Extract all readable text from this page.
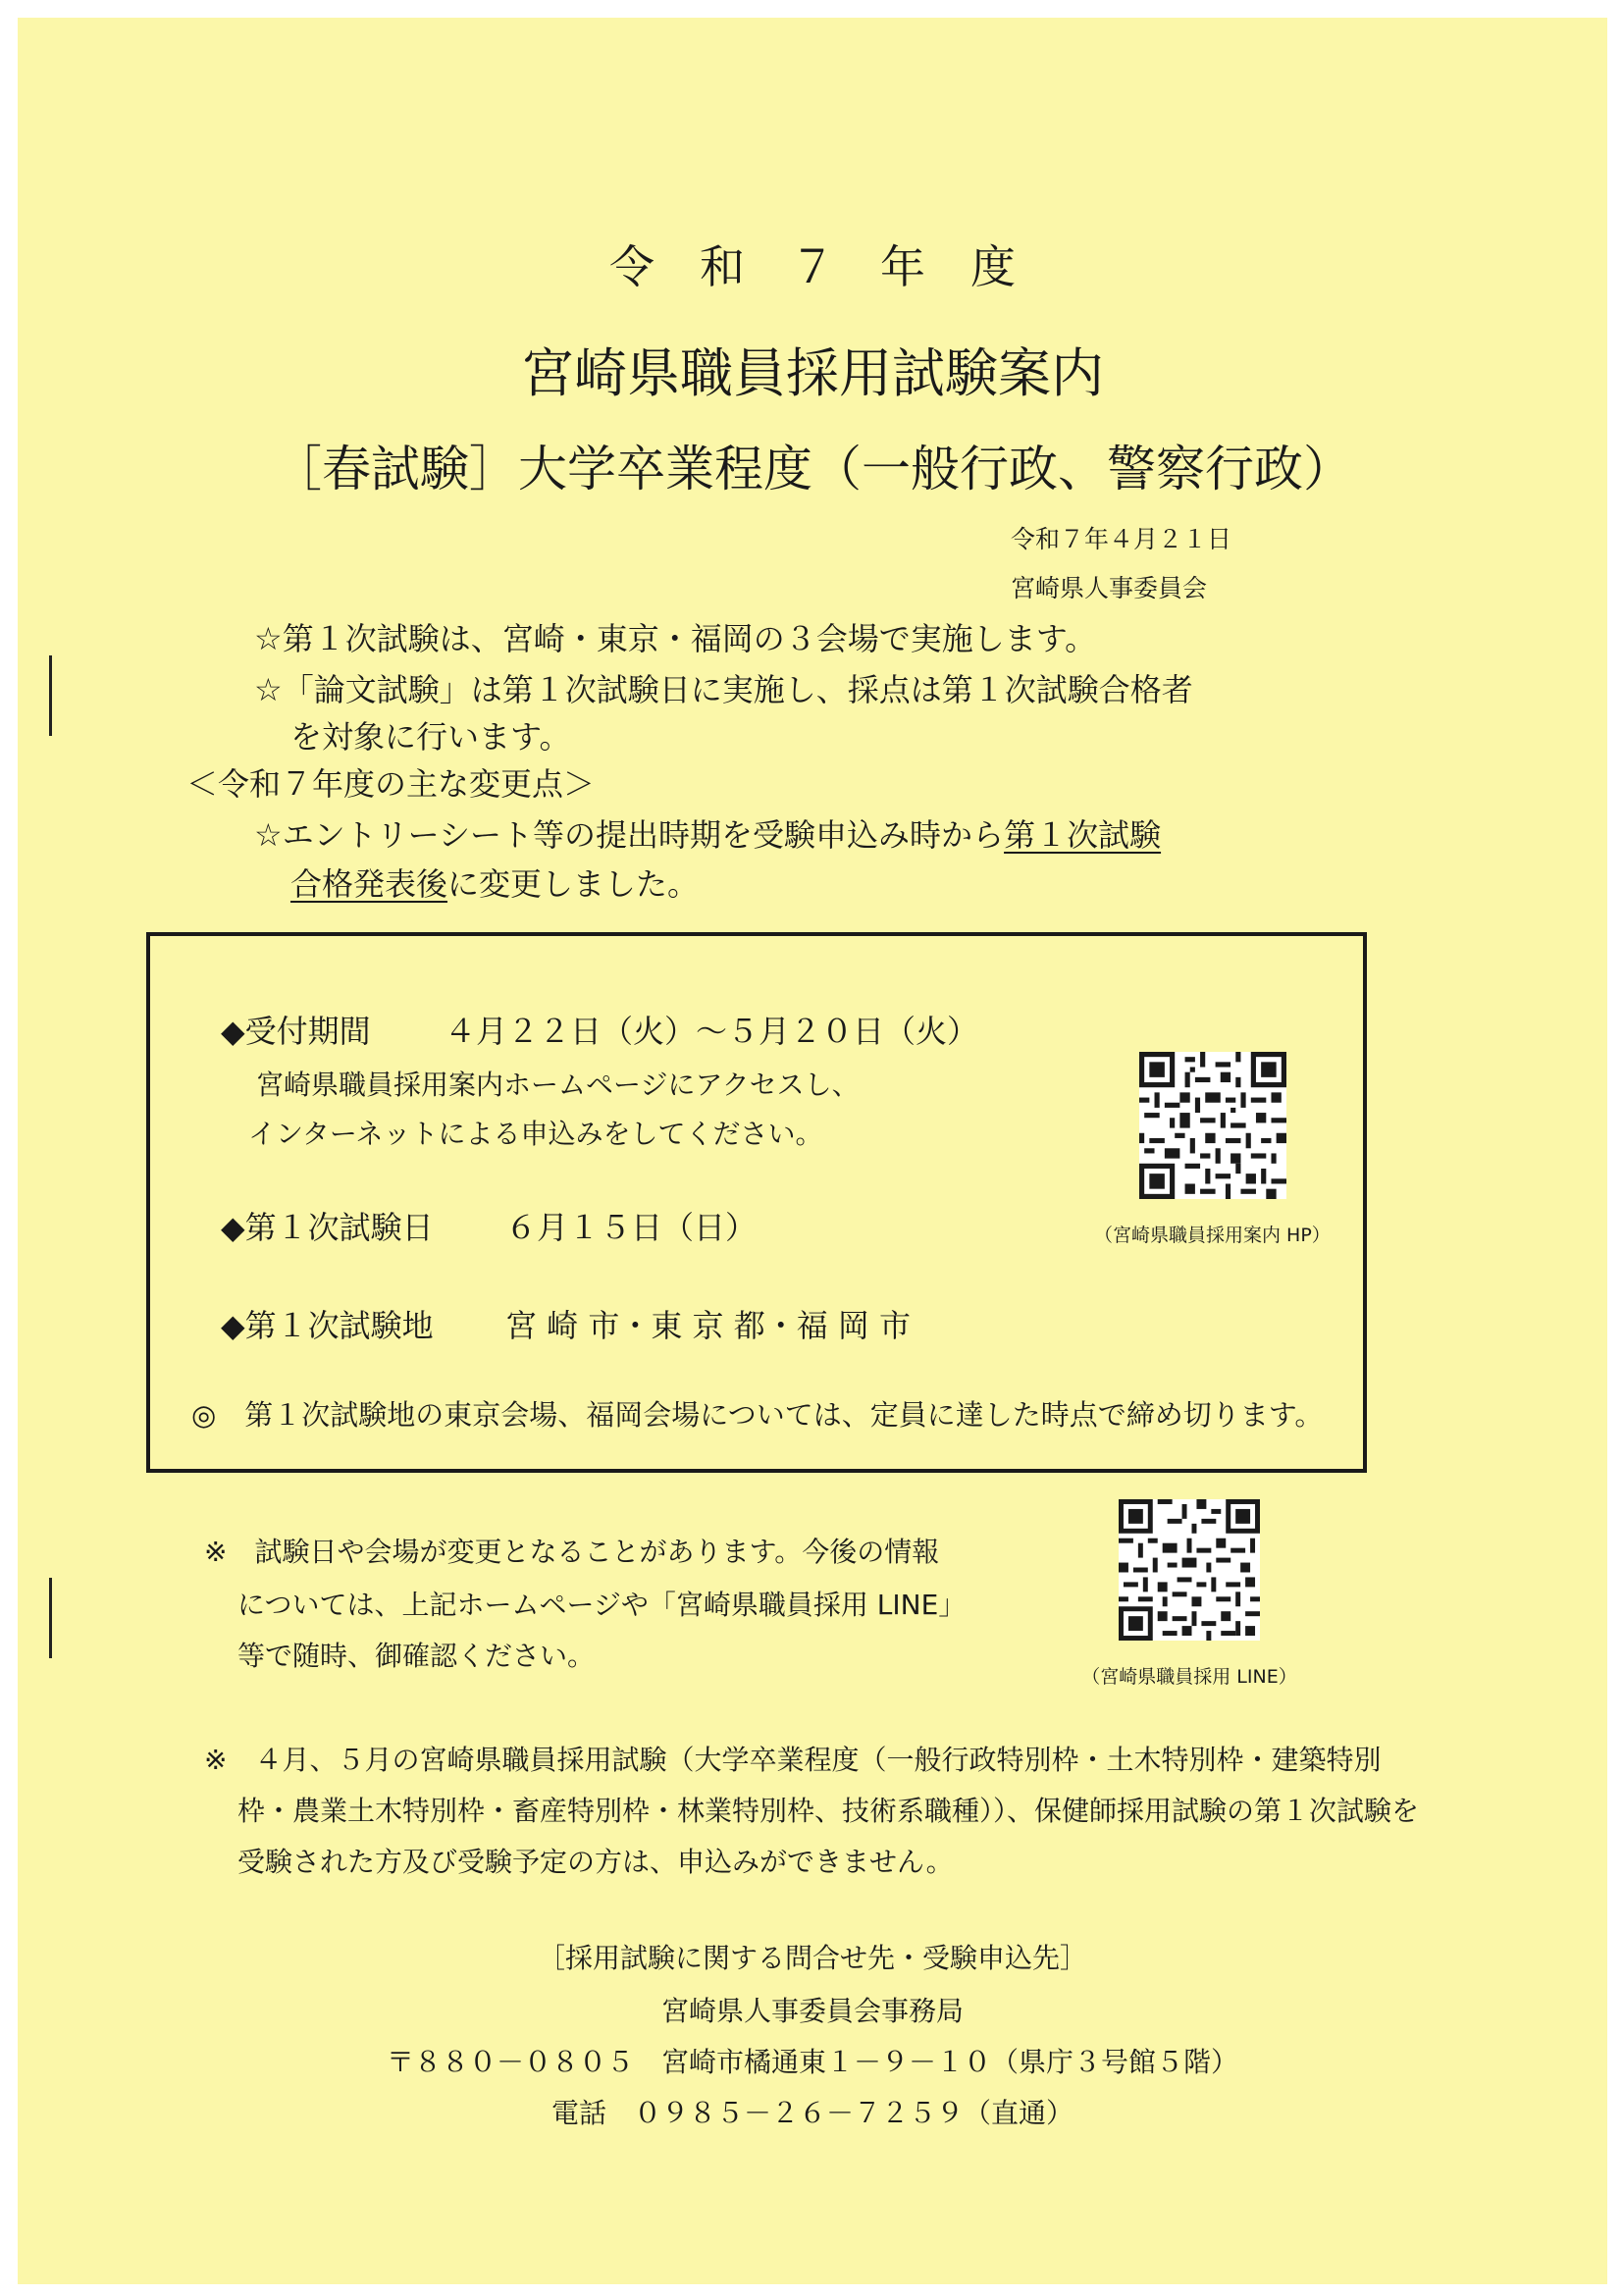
令　和　７　年　度
宮崎県職員採用試験案内
［春試験］大学卒業程度（一般行政、警察行政）
令和７年４月２１日
宮崎県人事委員会
☆第１次試験は、宮崎・東京・福岡の３会場で実施します。
☆「論文試験」は第１次試験日に実施し、採点は第１次試験合格者
を対象に行います。
＜令和７年度の主な変更点＞
☆エントリーシート等の提出時期を受験申込み時から第１次試験
合格発表後に変更しました。
◆受付期間 ４月２２日（火）～５月２０日（火）
宮崎県職員採用案内ホームページにアクセスし、
インターネットによる申込みをしてください。
◆第１次試験日 ６月１５日（日）
◆第１次試験地 宮 崎 市・東 京 都・福 岡 市
◎　第１次試験地の東京会場、福岡会場については、定員に達した時点で締め切ります。
（宮崎県職員採用案内 HP）
※　試験日や会場が変更となることがあります。今後の情報
については、上記ホームページや「宮崎県職員採用 LINE」
等で随時、御確認ください。
（宮崎県職員採用 LINE）
※　４月、５月の宮崎県職員採用試験（大学卒業程度（一般行政特別枠・土木特別枠・建築特別
枠・農業土木特別枠・畜産特別枠・林業特別枠、技術系職種））、保健師採用試験の第１次試験を
受験された方及び受験予定の方は、申込みができません。
［採用試験に関する問合せ先・受験申込先］
宮崎県人事委員会事務局
〒８８０－０８０５　宮崎市橘通東１－９－１０（県庁３号館５階）
電話　０９８５－２６－７２５９（直通）
